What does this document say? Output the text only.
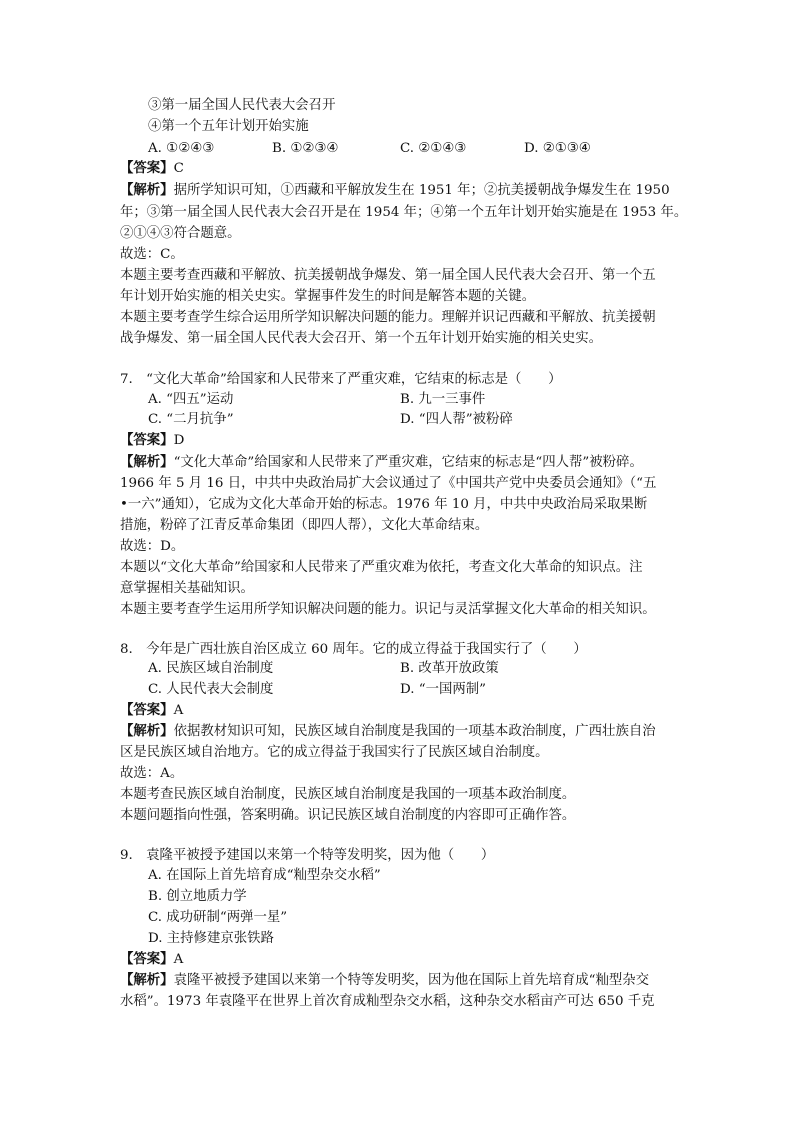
③第一届全国人民代表大会召开
④第一个五年计划开始实施
A. ①②④③	B. ①②③④	C. ②①④③	D. ②①③④
【答案】C
【解析】据所学知识可知，①西藏和平解放发生在 1951 年；②抗美援朝战争爆发生在 1950
年；③第一届全国人民代表大会召开是在 1954 年；④第一个五年计划开始实施是在 1953 年。
②①④③符合题意。
故选：C。
本题主要考查西藏和平解放、抗美援朝战争爆发、第一届全国人民代表大会召开、第一个五
年计划开始实施的相关史实。掌握事件发生的时间是解答本题的关键。
本题主要考查学生综合运用所学知识解决问题的能力。理解并识记西藏和平解放、抗美援朝
战争爆发、第一届全国人民代表大会召开、第一个五年计划开始实施的相关史实。
7.　“文化大革命”给国家和人民带来了严重灾难，它结束的标志是（　　）
A. “四五”运动	B. 九一三事件
C. “二月抗争”	D. “四人帮”被粉碎
【答案】D
【解析】“文化大革命”给国家和人民带来了严重灾难，它结束的标志是“四人帮”被粉碎。
1966 年 5 月 16 日，中共中央政治局扩大会议通过了《中国共产党中央委员会通知》（“五
•一六”通知），它成为文化大革命开始的标志。1976 年 10 月，中共中央政治局采取果断
措施，粉碎了江青反革命集团（即四人帮），文化大革命结束。
故选：D。
本题以“文化大革命”给国家和人民带来了严重灾难为依托，考查文化大革命的知识点。注
意掌握相关基础知识。
本题主要考查学生运用所学知识解决问题的能力。识记与灵活掌握文化大革命的相关知识。
8.　今年是广西壮族自治区成立 60 周年。它的成立得益于我国实行了（　　）
A. 民族区域自治制度	B. 改革开放政策
C. 人民代表大会制度	D. “一国两制”
【答案】A
【解析】依据教材知识可知，民族区域自治制度是我国的一项基本政治制度，广西壮族自治
区是民族区域自治地方。它的成立得益于我国实行了民族区域自治制度。
故选：A。
本题考查民族区域自治制度，民族区域自治制度是我国的一项基本政治制度。
本题问题指向性强，答案明确。识记民族区域自治制度的内容即可正确作答。
9.　袁隆平被授予建国以来第一个特等发明奖，因为他（　　）
A. 在国际上首先培育成“籼型杂交水稻”
B. 创立地质力学
C. 成功研制“两弹一星”
D. 主持修建京张铁路
【答案】A
【解析】袁隆平被授予建国以来第一个特等发明奖，因为他在国际上首先培育成“籼型杂交
水稻”。1973 年袁隆平在世界上首次育成籼型杂交水稻，这种杂交水稻亩产可达 650 千克
